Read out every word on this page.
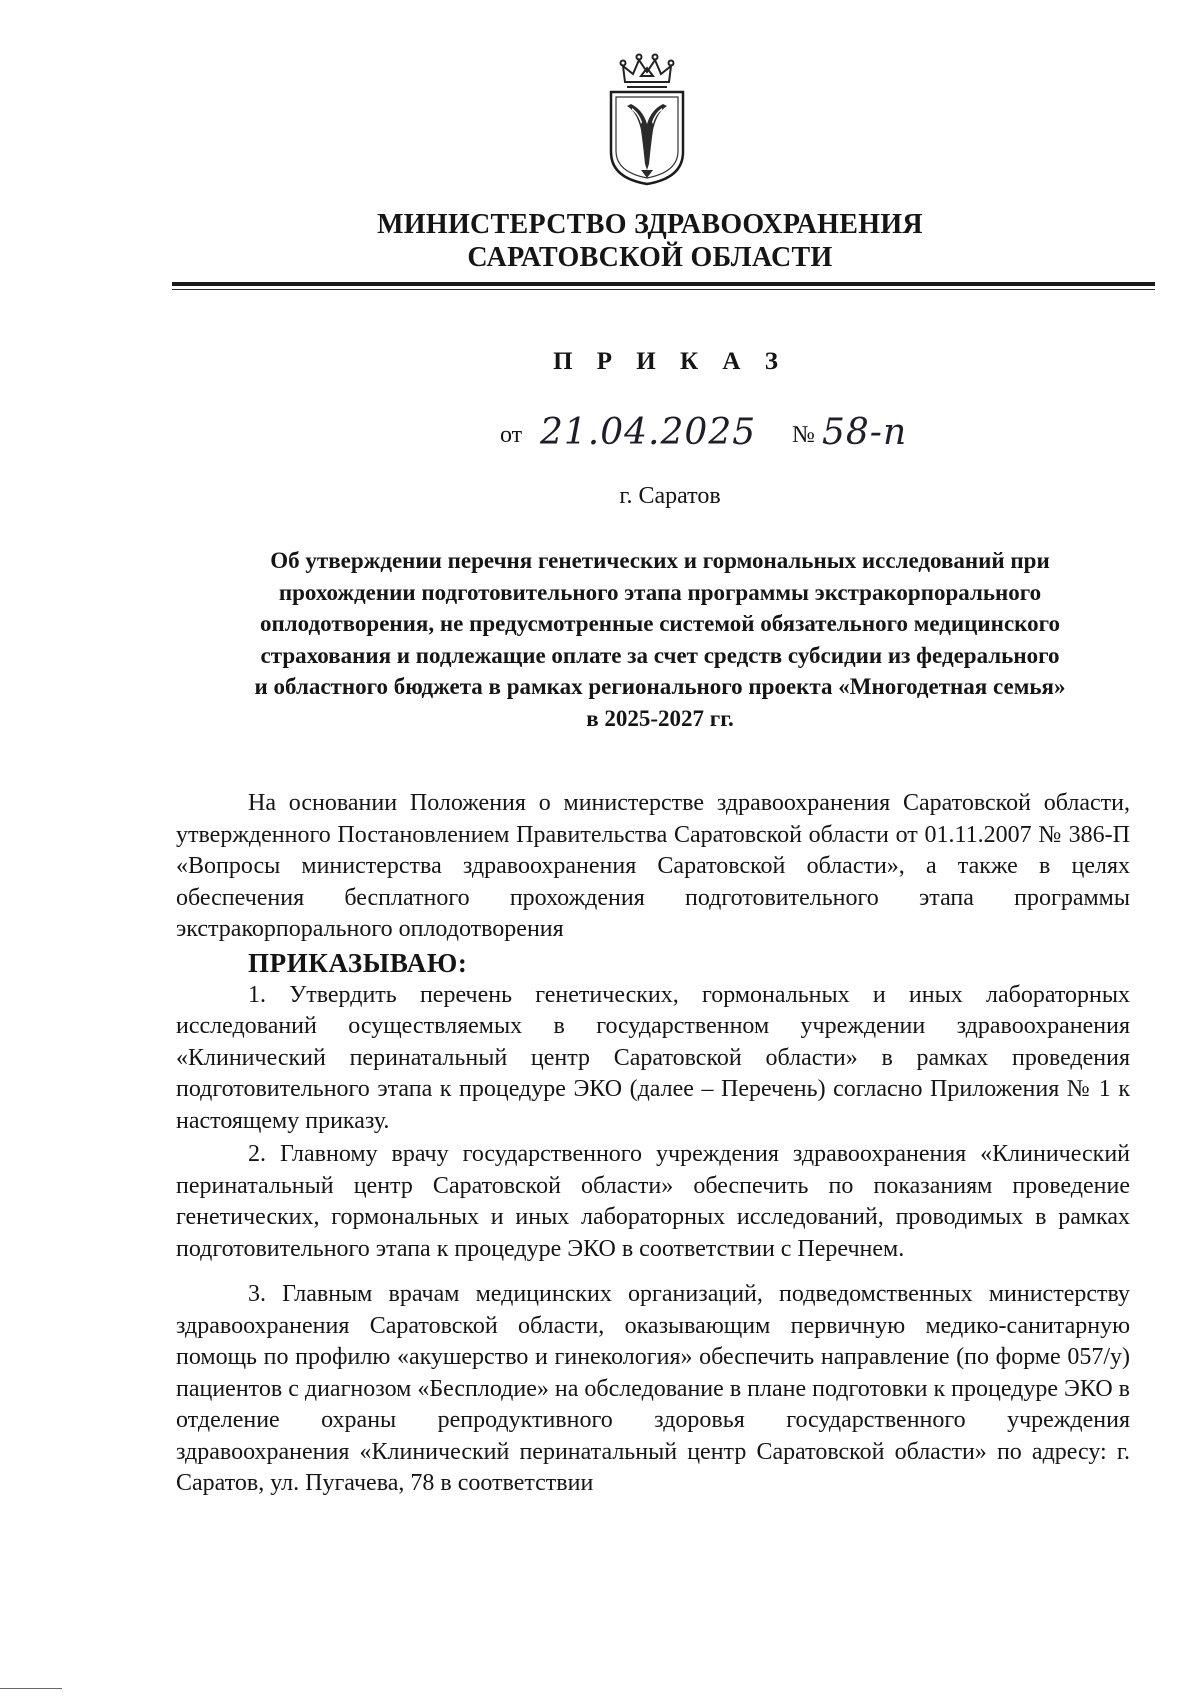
МИНИСТЕРСТВО ЗДРАВООХРАНЕНИЯ
САРАТОВСКОЙ ОБЛАСТИ
П Р И К А З
от 21.04.2025 № 58-п
г. Саратов
Об утверждении перечня генетических и гормональных исследований при
прохождении подготовительного этапа программы экстракорпорального
оплодотворения, не предусмотренные системой обязательного медицинского
страхования и подлежащие оплате за счет средств субсидии из федерального
и областного бюджета в рамках регионального проекта «Многодетная семья»
в 2025-2027 гг.

На основании Положения о министерстве здравоохранения Саратовской области, утвержденного Постановлением Правительства Саратовской области от 01.11.2007 № 386-П «Вопросы министерства здравоохранения Саратовской области», а также в целях обеспечения бесплатного прохождения подготовительного этапа программы экстракорпорального оплодотворения

ПРИКАЗЫВАЮ:

1. Утвердить перечень генетических, гормональных и иных лабораторных исследований осуществляемых в государственном учреждении здравоохранения «Клинический перинатальный центр Саратовской области» в рамках проведения подготовительного этапа к процедуре ЭКО (далее – Перечень) согласно Приложения № 1 к настоящему приказу.

2. Главному врачу государственного учреждения здравоохранения «Клинический перинатальный центр Саратовской области» обеспечить по показаниям проведение генетических, гормональных и иных лабораторных исследований, проводимых в рамках подготовительного этапа к процедуре ЭКО в соответствии с Перечнем.

3. Главным врачам медицинских организаций, подведомственных министерству здравоохранения Саратовской области, оказывающим первичную медико-санитарную помощь по профилю «акушерство и гинекология» обеспечить направление (по форме 057/у) пациентов с диагнозом «Бесплодие» на обследование в плане подготовки к процедуре ЭКО в отделение охраны репродуктивного здоровья государственного учреждения здравоохранения «Клинический перинатальный центр Саратовской области» по адресу: г. Саратов, ул. Пугачева, 78 в соответствии
